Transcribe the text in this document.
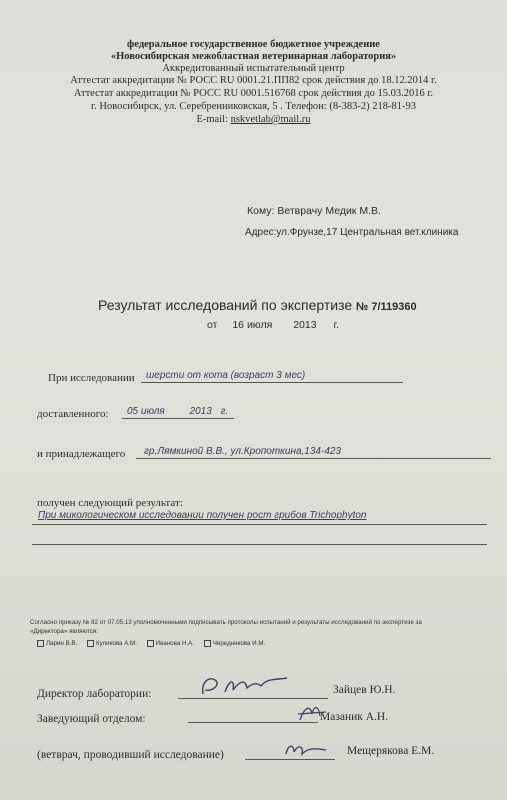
федеральное государственное бюджетное учреждение
«Новосибирская межобластная ветеринарная лаборатория»
Аккредитованный испытательный центр
Аттестат аккредитации № РОСС RU 0001.21.ПП82 срок действия до 18.12.2014 г.
Аттестат аккредитации № РОСС RU 0001.516768 срок действия до 15.03.2016 г.
г. Новосибирск, ул. Серебренниковская, 5 . Телефон: (8-383-2) 218-81-93
E-mail: nskvetlab@mail.ru
Кому: Ветврачу Медик М.В.
Адрес:ул.Фрунзе,17 Центральная вет.клиника
Результат исследований по экспертизе № 7/119360
от 16 июля 2013 г.
При исследовании шерсти от кота (возраст 3 мес)
доставленного: 05 июля 2013 г.
и принадлежащего гр.Лямкиной В.В., ул.Кропоткина,134-423
получен следующий результат:
При микологическом исследовании получен рост грибов Trichophyton
Согласно приказу № 82 от 07.05.13 уполномоченными подписывать протоколы испытаний и результаты исследований по экспертизе за
«Директора» являются:
Ларин В.В.	Куликова А.М.	Иванова Н.А.	Чередникова И.М.
Директор лаборатории:	Зайцев Ю.Н.
Заведующий отделом:	Мазаник А.Н.
(ветврач, проводивший исследование)	Мещерякова Е.М.
